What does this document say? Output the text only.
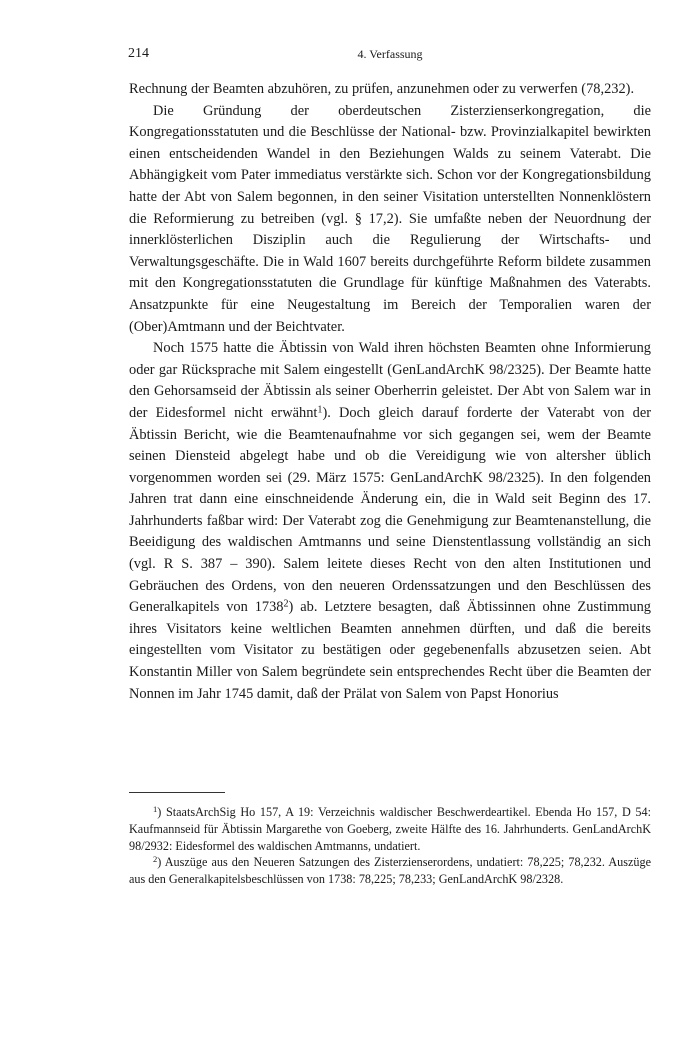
214	4. Verfassung

Rechnung der Beamten abzuhören, zu prüfen, anzunehmen oder zu verwerfen (78,232).

Die Gründung der oberdeutschen Zisterzienserkongregation, die Kongregationsstatuten und die Beschlüsse der National- bzw. Provinzialkapitel bewirkten einen entscheidenden Wandel in den Beziehungen Walds zu seinem Vaterabt. Die Abhängigkeit vom Pater immediatus verstärkte sich. Schon vor der Kongregationsbildung hatte der Abt von Salem begonnen, in den seiner Visitation unterstellten Nonnenklöstern die Reformierung zu betreiben (vgl. § 17,2). Sie umfaßte neben der Neuordnung der innerklösterlichen Disziplin auch die Regulierung der Wirtschafts- und Verwaltungsgeschäfte. Die in Wald 1607 bereits durchgeführte Reform bildete zusammen mit den Kongregationsstatuten die Grundlage für künftige Maßnahmen des Vaterabts. Ansatzpunkte für eine Neugestaltung im Bereich der Temporalien waren der (Ober)Amtmann und der Beichtvater.

Noch 1575 hatte die Äbtissin von Wald ihren höchsten Beamten ohne Informierung oder gar Rücksprache mit Salem eingestellt (GenLandArchK 98/2325). Der Beamte hatte den Gehorsamseid der Äbtissin als seiner Oberherrin geleistet. Der Abt von Salem war in der Eidesformel nicht erwähnt$^1$). Doch gleich darauf forderte der Vaterabt von der Äbtissin Bericht, wie die Beamtenaufnahme vor sich gegangen sei, wem der Beamte seinen Diensteid abgelegt habe und ob die Vereidigung wie von altersher üblich vorgenommen worden sei (29. März 1575: GenLandArchK 98/2325). In den folgenden Jahren trat dann eine einschneidende Änderung ein, die in Wald seit Beginn des 17. Jahrhunderts faßbar wird: Der Vaterabt zog die Genehmigung zur Beamtenanstellung, die Beeidigung des waldischen Amtmanns und seine Dienstentlassung vollständig an sich (vgl. R S. 387 – 390). Salem leitete dieses Recht von den alten Institutionen und Gebräuchen des Ordens, von den neueren Ordenssatzungen und den Beschlüssen des Generalkapitels von 1738$^2$) ab. Letztere besagten, daß Äbtissinnen ohne Zustimmung ihres Visitators keine weltlichen Beamten annehmen dürften, und daß die bereits eingestellten vom Visitator zu bestätigen oder gegebenenfalls abzusetzen seien. Abt Konstantin Miller von Salem begründete sein entsprechendes Recht über die Beamten der Nonnen im Jahr 1745 damit, daß der Prälat von Salem von Papst Honorius

$^1$) StaatsArchSig Ho 157, A 19: Verzeichnis waldischer Beschwerdeartikel. Ebenda Ho 157, D 54: Kaufmannseid für Äbtissin Margarethe von Goeberg, zweite Hälfte des 16. Jahrhunderts. GenLandArchK 98/2932: Eidesformel des waldischen Amtmanns, undatiert.

$^2$) Auszüge aus den Neueren Satzungen des Zisterzienserordens, undatiert: 78,225; 78,232. Auszüge aus den Generalkapitelsbeschlüssen von 1738: 78,225; 78,233; GenLandArchK 98/2328.
